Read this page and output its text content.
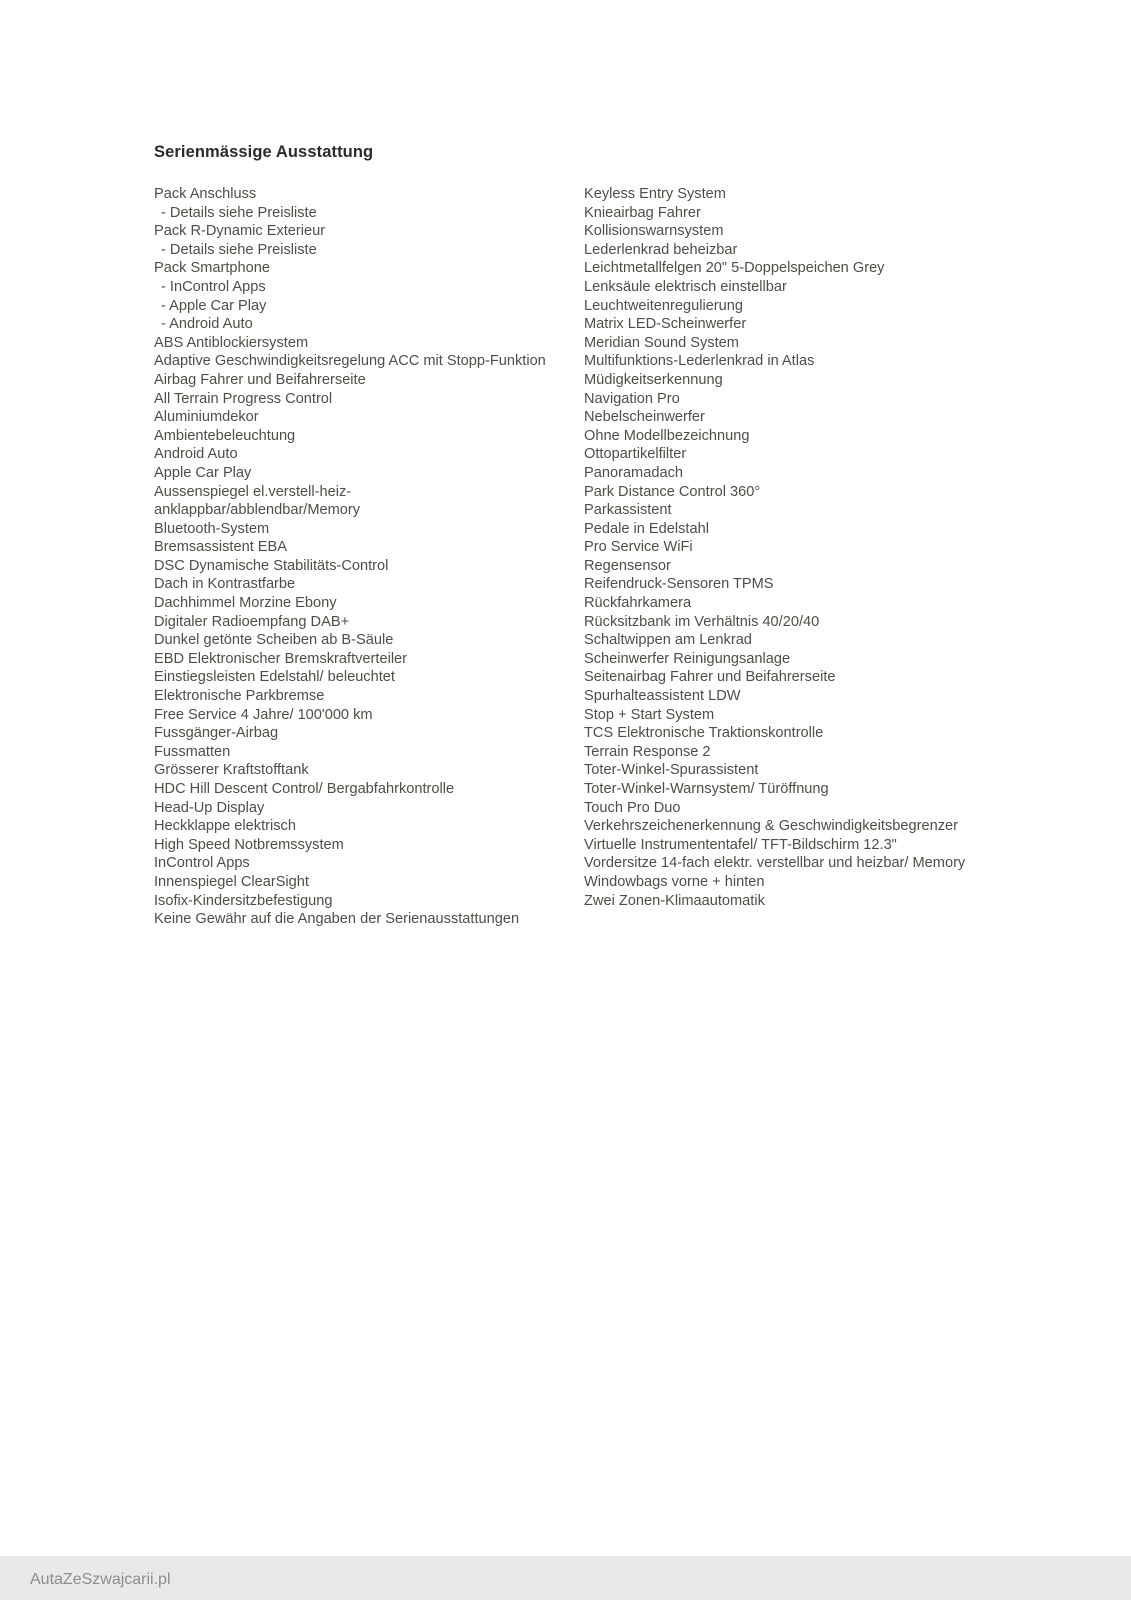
Serienmässige Ausstattung
Pack Anschluss
- Details siehe Preisliste
Pack R-Dynamic Exterieur
- Details siehe Preisliste
Pack Smartphone
- InControl Apps
- Apple Car Play
- Android Auto
ABS Antiblockiersystem
Adaptive Geschwindigkeitsregelung ACC mit Stopp-Funktion
Airbag Fahrer und Beifahrerseite
All Terrain Progress Control
Aluminiumdekor
Ambientebeleuchtung
Android Auto
Apple Car Play
Aussenspiegel el.verstell-heiz-
anklappbar/abblendbar/Memory
Bluetooth-System
Bremsassistent EBA
DSC Dynamische Stabilitäts-Control
Dach in Kontrastfarbe
Dachhimmel Morzine Ebony
Digitaler Radioempfang DAB+
Dunkel getönte Scheiben ab B-Säule
EBD Elektronischer Bremskraftverteiler
Einstiegsleisten Edelstahl/ beleuchtet
Elektronische Parkbremse
Free Service 4 Jahre/ 100'000 km
Fussgänger-Airbag
Fussmatten
Grösserer Kraftstofftank
HDC Hill Descent Control/ Bergabfahrkontrolle
Head-Up Display
Heckklappe elektrisch
High Speed Notbremssystem
InControl Apps
Innenspiegel ClearSight
Isofix-Kindersitzbefestigung
Keine Gewähr auf die Angaben der Serienausstattungen
Keyless Entry System
Knieairbag Fahrer
Kollisionswarnsystem
Lederlenkrad beheizbar
Leichtmetallfelgen 20" 5-Doppelspeichen Grey
Lenksäule elektrisch einstellbar
Leuchtweitenregulierung
Matrix LED-Scheinwerfer
Meridian Sound System
Multifunktions-Lederlenkrad in Atlas
Müdigkeitserkennung
Navigation Pro
Nebelscheinwerfer
Ohne Modellbezeichnung
Ottopartikelfilter
Panoramadach
Park Distance Control 360°
Parkassistent
Pedale in Edelstahl
Pro Service WiFi
Regensensor
Reifendruck-Sensoren TPMS
Rückfahrkamera
Rücksitzbank im Verhältnis 40/20/40
Schaltwippen am Lenkrad
Scheinwerfer Reinigungsanlage
Seitenairbag Fahrer und Beifahrerseite
Spurhalteassistent LDW
Stop + Start System
TCS Elektronische Traktionskontrolle
Terrain Response 2
Toter-Winkel-Spurassistent
Toter-Winkel-Warnsystem/ Türöffnung
Touch Pro Duo
Verkehrszeichenerkennung & Geschwindigkeitsbegrenzer
Virtuelle Instrumententafel/ TFT-Bildschirm 12.3"
Vordersitze 14-fach elektr. verstellbar und heizbar/ Memory
Windowbags vorne + hinten
Zwei Zonen-Klimaautomatik
AutaZeSzwajcarii.pl
